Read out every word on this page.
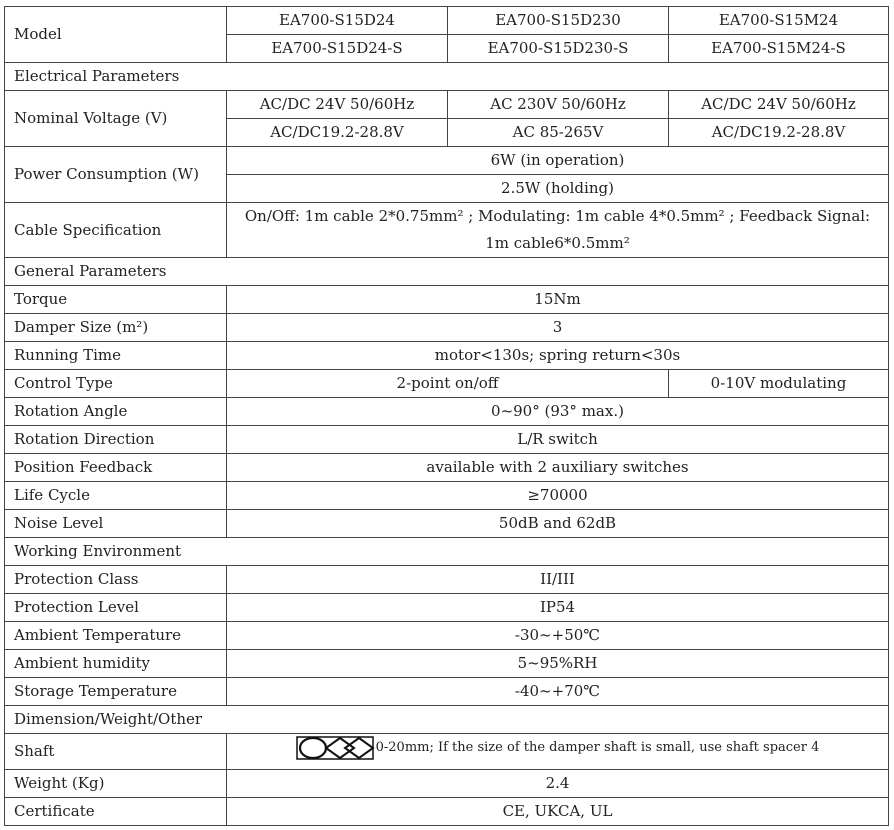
Model	EA700-S15D24	EA700-S15D230	EA700-S15M24
	EA700-S15D24-S	EA700-S15D230-S	EA700-S15M24-S
Electrical Parameters			
Nominal Voltage (V)	AC/DC 24V 50/60Hz	AC 230V 50/60Hz	AC/DC 24V 50/60Hz
	AC/DC19.2-28.8V	AC 85-265V	AC/DC19.2-28.8V
Power Consumption (W)	6W (in operation)		
	2.5W (holding)		
Cable Specification	On/Off: 1m cable 2*0.75mm² ; Modulating: 1m cable 4*0.5mm² ; Feedback Signal:
1m cable6*0.5mm²		
General Parameters			
Torque	15Nm		
Damper Size (m²)	3		
Running Time	motor<130s; spring return<30s		
Control Type	2-point on/off		0-10V modulating
Rotation Angle	0~90° (93° max.)		
Rotation Direction	L/R switch		
Position Feedback	available with 2 auxiliary switches		
Life Cycle	≥70000		
Noise Level	50dB and 62dB		
Working Environment			
Protection Class	II/III		
Protection Level	IP54		
Ambient Temperature	-30~+50℃		
Ambient humidity	5~95%RH		
Storage Temperature	-40~+70℃		
Dimension/Weight/Other			
Shaft	0-20mm; If the size of the damper shaft is small, use shaft spacer 4		

Weight (Kg)	2.4		
Certificate	CE, UKCA, UL		
